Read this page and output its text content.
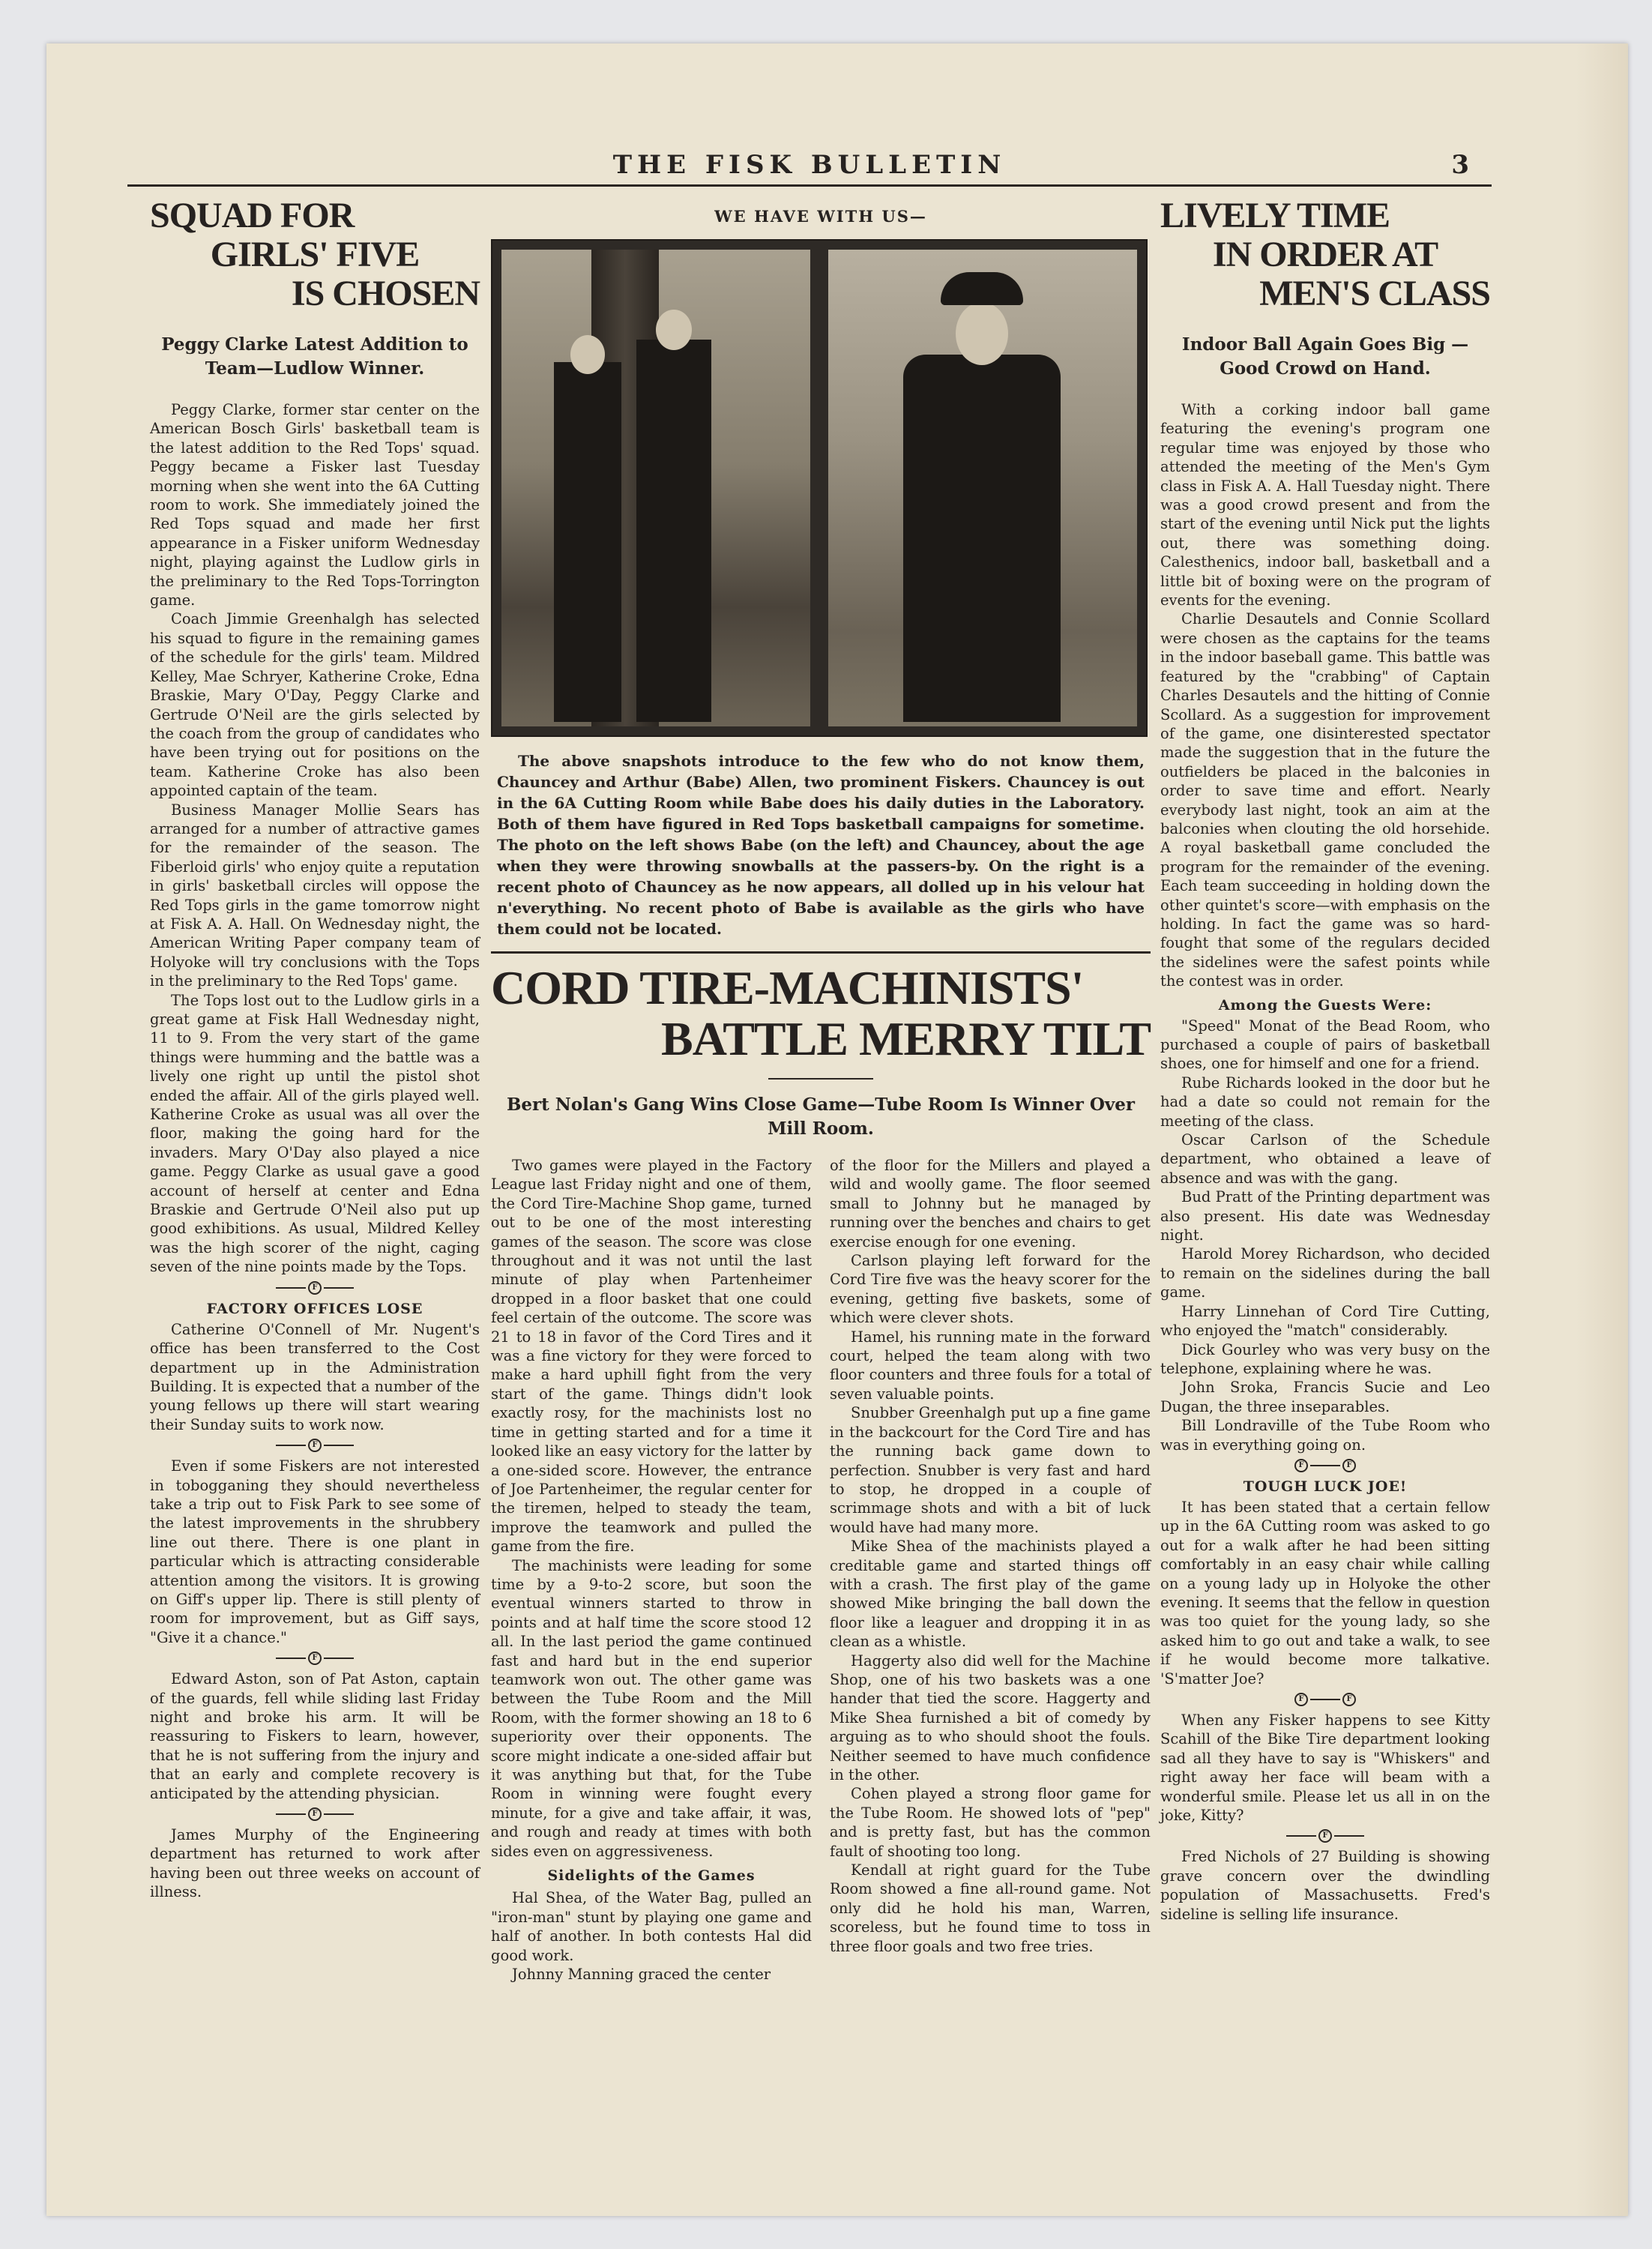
THE FISK BULLETIN	3
SQUAD FOR
GIRLS' FIVE
IS CHOSEN
Peggy Clarke Latest Addition to Team—Ludlow Winner.

Peggy Clarke, former star center on the American Bosch Girls' basketball team is the latest addition to the Red Tops' squad. Peggy became a Fisker last Tuesday morning when she went into the 6A Cutting room to work. She immediately joined the Red Tops squad and made her first appearance in a Fisker uniform Wednesday night, playing against the Ludlow girls in the preliminary to the Red Tops-Torrington game.

Coach Jimmie Greenhalgh has selected his squad to figure in the remaining games of the schedule for the girls' team. Mildred Kelley, Mae Schryer, Katherine Croke, Edna Braskie, Mary O'Day, Peggy Clarke and Gertrude O'Neil are the girls selected by the coach from the group of candidates who have been trying out for positions on the team. Katherine Croke has also been appointed captain of the team.

Business Manager Mollie Sears has arranged for a number of attractive games for the remainder of the season. The Fiberloid girls' who enjoy quite a reputation in girls' basketball circles will oppose the Red Tops girls in the game tomorrow night at Fisk A. A. Hall. On Wednesday night, the American Writing Paper company team of Holyoke will try conclusions with the Tops in the preliminary to the Red Tops' game.

The Tops lost out to the Ludlow girls in a great game at Fisk Hall Wednesday night, 11 to 9. From the very start of the game things were humming and the battle was a lively one right up until the pistol shot ended the affair. All of the girls played well. Katherine Croke as usual was all over the floor, making the going hard for the invaders. Mary O'Day also played a nice game. Peggy Clarke as usual gave a good account of herself at center and Edna Braskie and Gertrude O'Neil also put up good exhibitions. As usual, Mildred Kelley was the high scorer of the night, caging seven of the nine points made by the Tops.

F
FACTORY OFFICES LOSE

Catherine O'Connell of Mr. Nugent's office has been transferred to the Cost department up in the Administration Building. It is expected that a number of the young fellows up there will start wearing their Sunday suits to work now.

F

Even if some Fiskers are not interested in tobogganing they should nevertheless take a trip out to Fisk Park to see some of the latest improvements in the shrubbery line out there. There is one plant in particular which is attracting considerable attention among the visitors. It is growing on Giff's upper lip. There is still plenty of room for improvement, but as Giff says, "Give it a chance."

F

Edward Aston, son of Pat Aston, captain of the guards, fell while sliding last Friday night and broke his arm. It will be reassuring to Fiskers to learn, however, that he is not suffering from the injury and that an early and complete recovery is anticipated by the attending physician.

F

James Murphy of the Engineering department has returned to work after having been out three weeks on account of illness.

WE HAVE WITH US—

The above snapshots introduce to the few who do not know them, Chauncey and Arthur (Babe) Allen, two prominent Fiskers. Chauncey is out in the 6A Cutting Room while Babe does his daily duties in the Laboratory. Both of them have figured in Red Tops basketball campaigns for sometime. The photo on the left shows Babe (on the left) and Chauncey, about the age when they were throwing snowballs at the passers-by. On the right is a recent photo of Chauncey as he now appears, all dolled up in his velour hat n'everything. No recent photo of Babe is available as the girls who have them could not be located.

CORD TIRE-MACHINISTS'
BATTLE MERRY TILT
Bert Nolan's Gang Wins Close Game—Tube Room Is Winner Over Mill Room.

Two games were played in the Factory League last Friday night and one of them, the Cord Tire-Machine Shop game, turned out to be one of the most interesting games of the season. The score was close throughout and it was not until the last minute of play when Partenheimer dropped in a floor basket that one could feel certain of the outcome. The score was 21 to 18 in favor of the Cord Tires and it was a fine victory for they were forced to make a hard uphill fight from the very start of the game. Things didn't look exactly rosy, for the machinists lost no time in getting started and for a time it looked like an easy victory for the latter by a one-sided score. However, the entrance of Joe Partenheimer, the regular center for the tiremen, helped to steady the team, improve the teamwork and pulled the game from the fire.

The machinists were leading for some time by a 9-to-2 score, but soon the eventual winners started to throw in points and at half time the score stood 12 all. In the last period the game continued fast and hard but in the end superior teamwork won out. The other game was between the Tube Room and the Mill Room, with the former showing an 18 to 6 superiority over their opponents. The score might indicate a one-sided affair but it was anything but that, for the Tube Room in winning were fought every minute, for a give and take affair, it was, and rough and ready at times with both sides even on aggressiveness.

Sidelights of the Games

Hal Shea, of the Water Bag, pulled an "iron-man" stunt by playing one game and half of another. In both contests Hal did good work.

Johnny Manning graced the center

of the floor for the Millers and played a wild and woolly game. The floor seemed small to Johnny but he managed by running over the benches and chairs to get exercise enough for one evening.

Carlson playing left forward for the Cord Tire five was the heavy scorer for the evening, getting five baskets, some of which were clever shots.

Hamel, his running mate in the forward court, helped the team along with two floor counters and three fouls for a total of seven valuable points.

Snubber Greenhalgh put up a fine game in the backcourt for the Cord Tire and has the running back game down to perfection. Snubber is very fast and hard to stop, he dropped in a couple of scrimmage shots and with a bit of luck would have had many more.

Mike Shea of the machinists played a creditable game and started things off with a crash. The first play of the game showed Mike bringing the ball down the floor like a leaguer and dropping it in as clean as a whistle.

Haggerty also did well for the Machine Shop, one of his two baskets was a one hander that tied the score. Haggerty and Mike Shea furnished a bit of comedy by arguing as to who should shoot the fouls. Neither seemed to have much confidence in the other.

Cohen played a strong floor game for the Tube Room. He showed lots of "pep" and is pretty fast, but has the common fault of shooting too long.

Kendall at right guard for the Tube Room showed a fine all-round game. Not only did he hold his man, Warren, scoreless, but he found time to toss in three floor goals and two free tries.

LIVELY TIME
IN ORDER AT
MEN'S CLASS
Indoor Ball Again Goes Big —Good Crowd on Hand.

With a corking indoor ball game featuring the evening's program one regular time was enjoyed by those who attended the meeting of the Men's Gym class in Fisk A. A. Hall Tuesday night. There was a good crowd present and from the start of the evening until Nick put the lights out, there was something doing. Calesthenics, indoor ball, basketball and a little bit of boxing were on the program of events for the evening.

Charlie Desautels and Connie Scollard were chosen as the captains for the teams in the indoor baseball game. This battle was featured by the "crabbing" of Captain Charles Desautels and the hitting of Connie Scollard. As a suggestion for improvement of the game, one disinterested spectator made the suggestion that in the future the outfielders be placed in the balconies in order to save time and effort. Nearly everybody last night, took an aim at the balconies when clouting the old horsehide. A royal basketball game concluded the program for the remainder of the evening. Each team succeeding in holding down the other quintet's score—with emphasis on the holding. In fact the game was so hard-fought that some of the regulars decided the sidelines were the safest points while the contest was in order.

Among the Guests Were:

"Speed" Monat of the Bead Room, who purchased a couple of pairs of basketball shoes, one for himself and one for a friend.

Rube Richards looked in the door but he had a date so could not remain for the meeting of the class.

Oscar Carlson of the Schedule department, who obtained a leave of absence and was with the gang.

Bud Pratt of the Printing department was also present. His date was Wednesday night.

Harold Morey Richardson, who decided to remain on the sidelines during the ball game.

Harry Linnehan of Cord Tire Cutting, who enjoyed the "match" considerably.

Dick Gourley who was very busy on the telephone, explaining where he was.

John Sroka, Francis Sucie and Leo Dugan, the three inseparables.

Bill Londraville of the Tube Room who was in everything going on.

F	F
TOUGH LUCK JOE!

It has been stated that a certain fellow up in the 6A Cutting room was asked to go out for a walk after he had been sitting comfortably in an easy chair while calling on a young lady up in Holyoke the other evening. It seems that the fellow in question was too quiet for the young lady, so she asked him to go out and take a walk, to see if he would become more talkative. 'S'matter Joe?

F	F

When any Fisker happens to see Kitty Scahill of the Bike Tire department looking sad all they have to say is "Whiskers" and right away her face will beam with a wonderful smile. Please let us all in on the joke, Kitty?

F

Fred Nichols of 27 Building is showing grave concern over the dwindling population of Massachusetts. Fred's sideline is selling life insurance.
